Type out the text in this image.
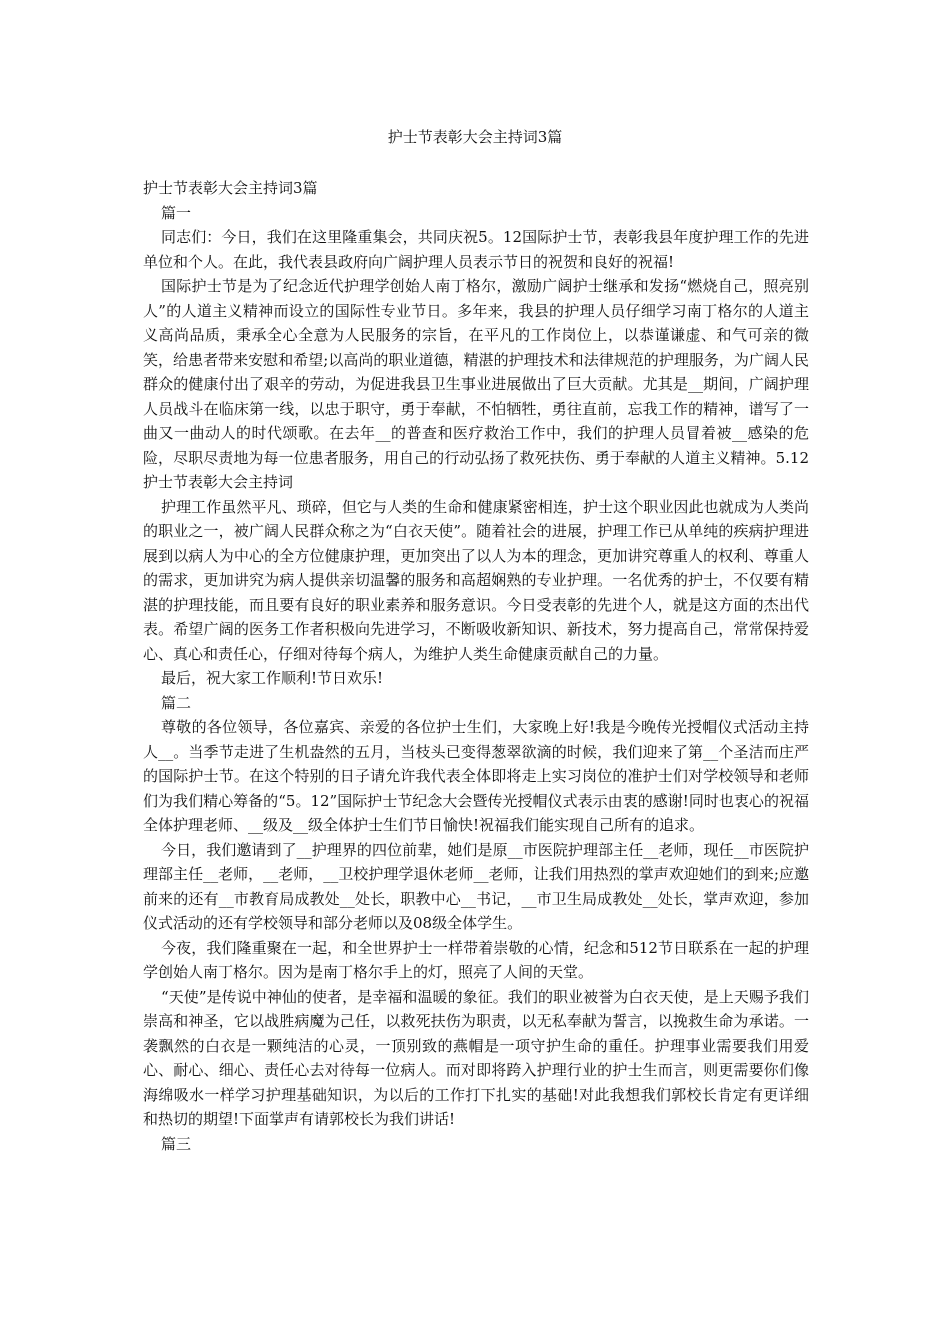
护士节表彰大会主持词3篇

护士节表彰大会主持词3篇

篇一

同志们：今日，我们在这里隆重集会，共同庆祝5。12国际护士节，表彰我县年度护理工作的先进单位和个人。在此，我代表县政府向广阔护理人员表示节日的祝贺和良好的祝福!

国际护士节是为了纪念近代护理学创始人南丁格尔，激励广阔护士继承和发扬“燃烧自己，照亮别人”的人道主义精神而设立的国际性专业节日。多年来，我县的护理人员仔细学习南丁格尔的人道主义高尚品质，秉承全心全意为人民服务的宗旨，在平凡的工作岗位上，以恭谨谦虚、和气可亲的微笑，给患者带来安慰和希望;以高尚的职业道德，精湛的护理技术和法律规范的护理服务，为广阔人民群众的健康付出了艰辛的劳动，为促进我县卫生事业进展做出了巨大贡献。尤其是__期间，广阔护理人员战斗在临床第一线，以忠于职守，勇于奉献，不怕牺牲，勇往直前，忘我工作的精神，谱写了一曲又一曲动人的时代颂歌。在去年__的普查和医疗救治工作中，我们的护理人员冒着被__感染的危险，尽职尽责地为每一位患者服务，用自己的行动弘扬了救死扶伤、勇于奉献的人道主义精神。5.12护士节表彰大会主持词

护理工作虽然平凡、琐碎，但它与人类的生命和健康紧密相连，护士这个职业因此也就成为人类尚的职业之一，被广阔人民群众称之为“白衣天使”。随着社会的进展，护理工作已从单纯的疾病护理进展到以病人为中心的全方位健康护理，更加突出了以人为本的理念，更加讲究尊重人的权利、尊重人的需求，更加讲究为病人提供亲切温馨的服务和高超娴熟的专业护理。一名优秀的护士，不仅要有精湛的护理技能，而且要有良好的职业素养和服务意识。今日受表彰的先进个人，就是这方面的杰出代表。希望广阔的医务工作者积极向先进学习，不断吸收新知识、新技术，努力提高自己，常常保持爱心、真心和责任心，仔细对待每个病人，为维护人类生命健康贡献自己的力量。

最后，祝大家工作顺利!节日欢乐!

篇二

尊敬的各位领导，各位嘉宾、亲爱的各位护士生们，大家晚上好!我是今晚传光授帽仪式活动主持人__。当季节走进了生机盎然的五月，当枝头已变得葱翠欲滴的时候，我们迎来了第__个圣洁而庄严的国际护士节。在这个特别的日子请允许我代表全体即将走上实习岗位的准护士们对学校领导和老师们为我们精心筹备的“5。12”国际护士节纪念大会暨传光授帽仪式表示由衷的感谢!同时也衷心的祝福全体护理老师、__级及__级全体护士生们节日愉快!祝福我们能实现自己所有的追求。

今日，我们邀请到了__护理界的四位前辈，她们是原__市医院护理部主任__老师，现任__市医院护理部主任__老师，__老师，__卫校护理学退休老师__老师，让我们用热烈的掌声欢迎她们的到来;应邀前来的还有__市教育局成教处__处长，职教中心__书记，__市卫生局成教处__处长，掌声欢迎，参加仪式活动的还有学校领导和部分老师以及08级全体学生。

今夜，我们隆重聚在一起，和全世界护士一样带着崇敬的心情，纪念和512节日联系在一起的护理学创始人南丁格尔。因为是南丁格尔手上的灯，照亮了人间的天堂。

“天使”是传说中神仙的使者，是幸福和温暖的象征。我们的职业被誉为白衣天使，是上天赐予我们崇高和神圣，它以战胜病魔为己任，以救死扶伤为职责，以无私奉献为誓言，以挽救生命为承诺。一袭飘然的白衣是一颗纯洁的心灵，一顶别致的燕帽是一项守护生命的重任。护理事业需要我们用爱心、耐心、细心、责任心去对待每一位病人。而对即将跨入护理行业的护士生而言，则更需要你们像海绵吸水一样学习护理基础知识，为以后的工作打下扎实的基础!对此我想我们郭校长肯定有更详细和热切的期望!下面掌声有请郭校长为我们讲话!

篇三
